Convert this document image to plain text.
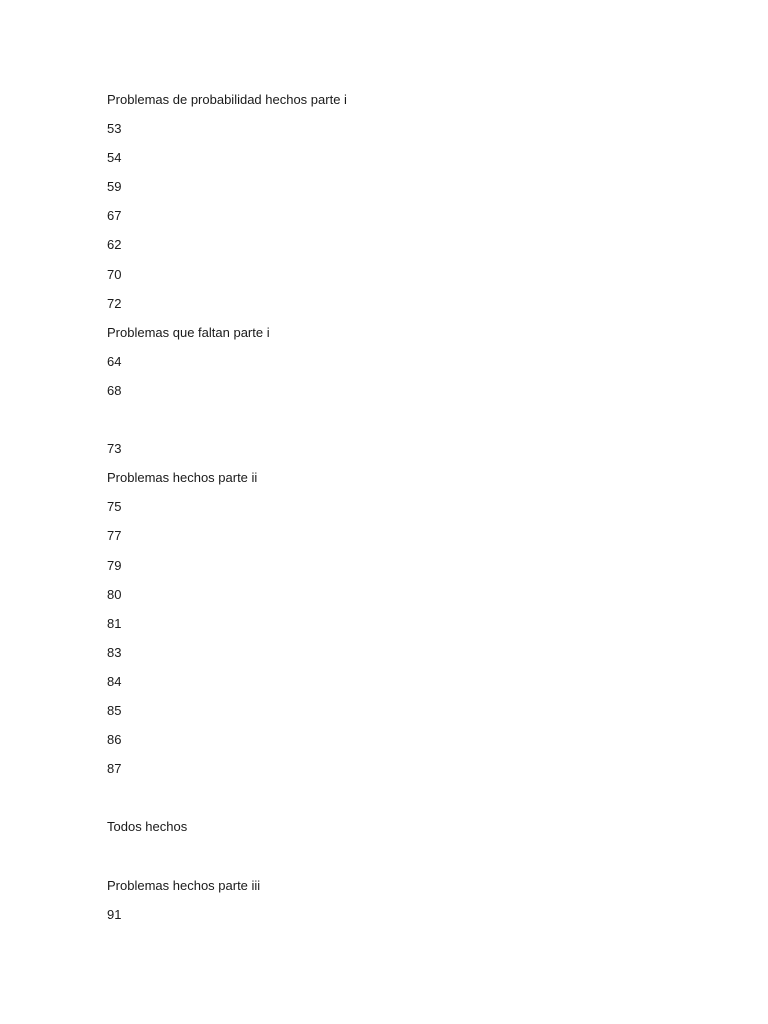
Problemas de probabilidad hechos parte i
53
54
59
67
62
70
72
Problemas que faltan parte i
64
68
73
Problemas hechos parte ii
75
77
79
80
81
83
84
85
86
87
Todos hechos
Problemas hechos parte iii
91
